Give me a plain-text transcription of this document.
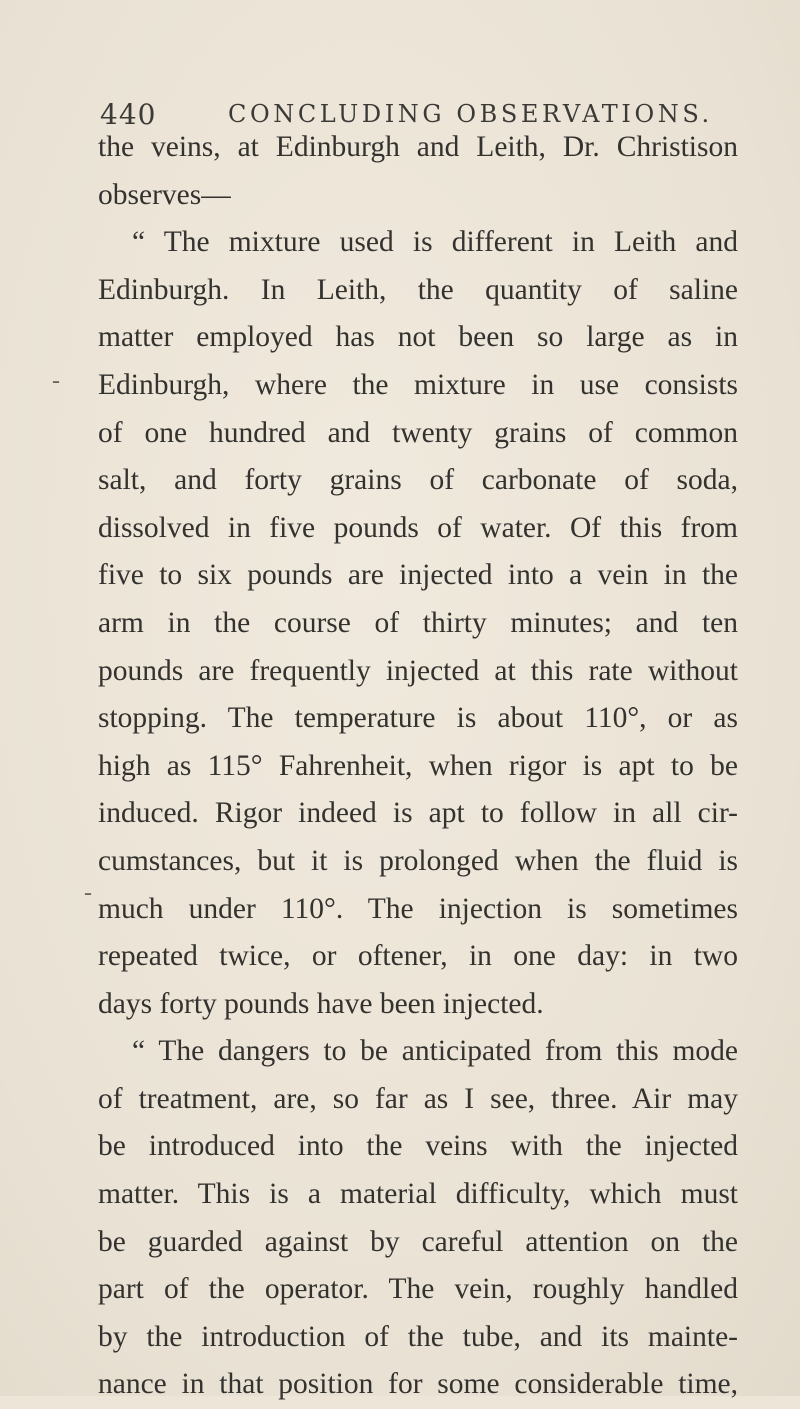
440	CONCLUDING OBSERVATIONS.
-
-
the veins, at Edinburgh and Leith, Dr. Christison
observes—
“ The mixture used is different in Leith and
Edinburgh. In Leith, the quantity of saline
matter employed has not been so large as in
Edinburgh, where the mixture in use consists
of one hundred and twenty grains of common
salt, and forty grains of carbonate of soda,
dissolved in five pounds of water. Of this from
five to six pounds are injected into a vein in the
arm in the course of thirty minutes; and ten
pounds are frequently injected at this rate without
stopping. The temperature is about 110°, or as
high as 115° Fahrenheit, when rigor is apt to be
induced. Rigor indeed is apt to follow in all cir-
cumstances, but it is prolonged when the fluid is
much under 110°. The injection is sometimes
repeated twice, or oftener, in one day: in two
days forty pounds have been injected.
“ The dangers to be anticipated from this mode
of treatment, are, so far as I see, three. Air may
be introduced into the veins with the injected
matter. This is a material difficulty, which must
be guarded against by careful attention on the
part of the operator. The vein, roughly handled
by the introduction of the tube, and its mainte-
nance in that position for some considerable time,
